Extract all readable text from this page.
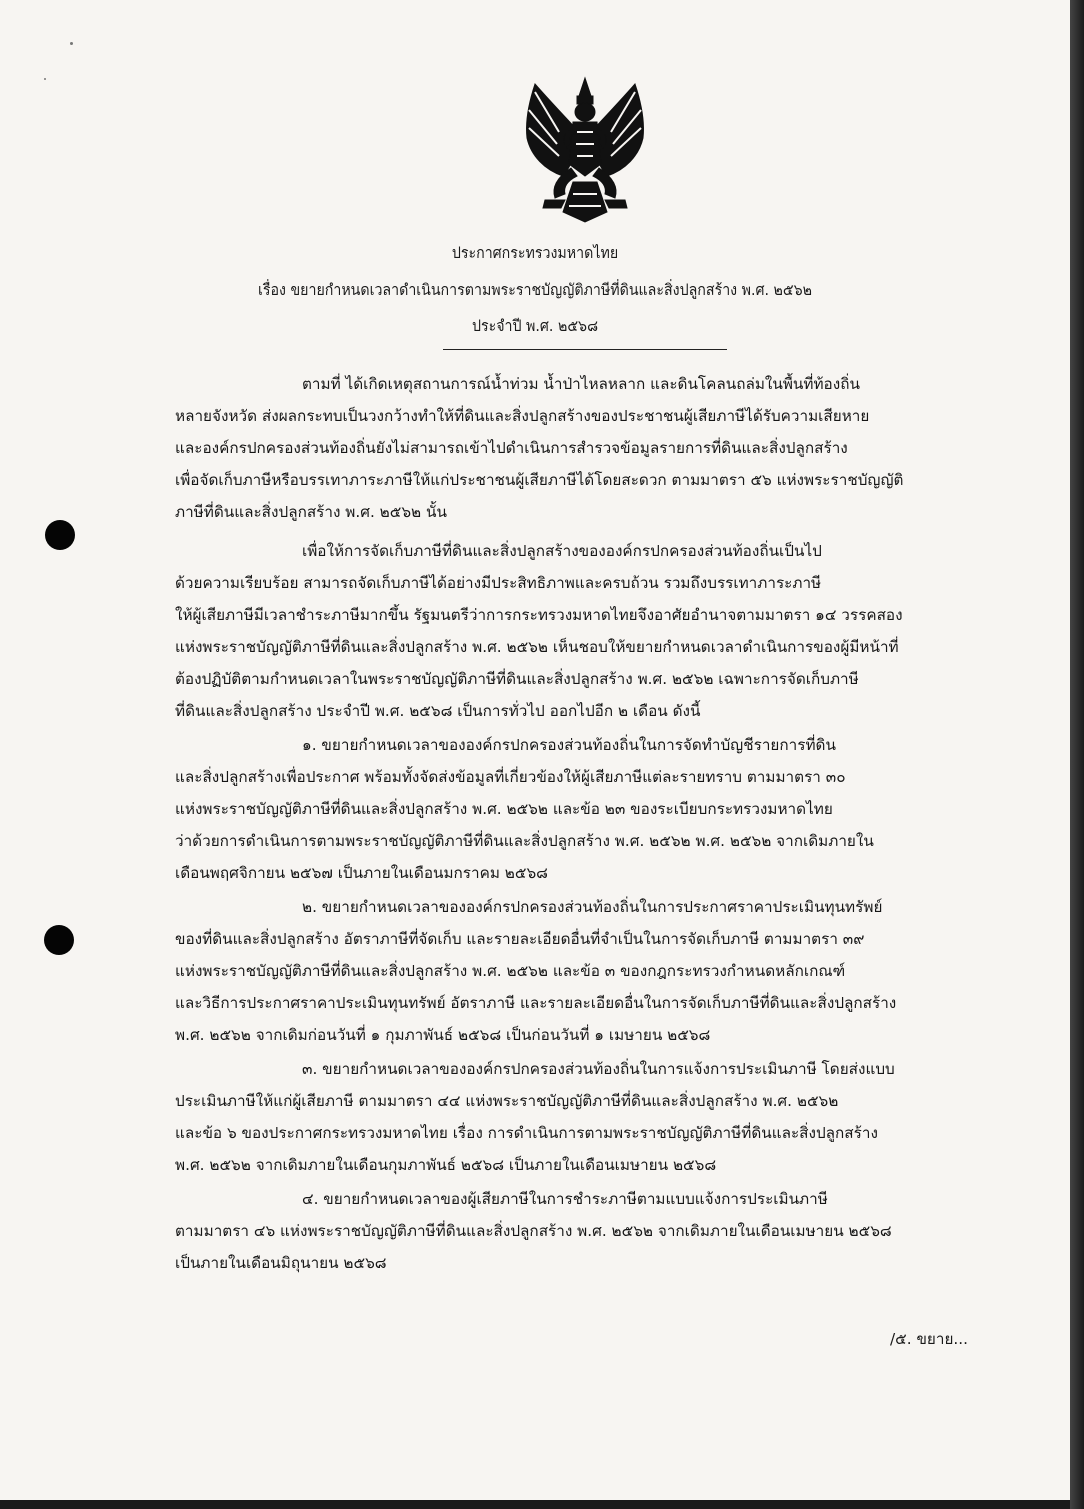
ประกาศกระทรวงมหาดไทย
เรื่อง ขยายกำหนดเวลาดำเนินการตามพระราชบัญญัติภาษีที่ดินและสิ่งปลูกสร้าง พ.ศ. ๒๕๖๒
ประจำปี พ.ศ. ๒๕๖๘
ตามที่ ได้เกิดเหตุสถานการณ์น้ำท่วม น้ำป่าไหลหลาก และดินโคลนถล่มในพื้นที่ท้องถิ่น
หลายจังหวัด ส่งผลกระทบเป็นวงกว้างทำให้ที่ดินและสิ่งปลูกสร้างของประชาชนผู้เสียภาษีได้รับความเสียหาย
และองค์กรปกครองส่วนท้องถิ่นยังไม่สามารถเข้าไปดำเนินการสำรวจข้อมูลรายการที่ดินและสิ่งปลูกสร้าง
เพื่อจัดเก็บภาษีหรือบรรเทาภาระภาษีให้แก่ประชาชนผู้เสียภาษีได้โดยสะดวก ตามมาตรา ๕๖ แห่งพระราชบัญญัติ
ภาษีที่ดินและสิ่งปลูกสร้าง พ.ศ. ๒๕๖๒ นั้น
เพื่อให้การจัดเก็บภาษีที่ดินและสิ่งปลูกสร้างขององค์กรปกครองส่วนท้องถิ่นเป็นไป
ด้วยความเรียบร้อย สามารถจัดเก็บภาษีได้อย่างมีประสิทธิภาพและครบถ้วน รวมถึงบรรเทาภาระภาษี
ให้ผู้เสียภาษีมีเวลาชำระภาษีมากขึ้น รัฐมนตรีว่าการกระทรวงมหาดไทยจึงอาศัยอำนาจตามมาตรา ๑๔ วรรคสอง
แห่งพระราชบัญญัติภาษีที่ดินและสิ่งปลูกสร้าง พ.ศ. ๒๕๖๒ เห็นชอบให้ขยายกำหนดเวลาดำเนินการของผู้มีหน้าที่
ต้องปฏิบัติตามกำหนดเวลาในพระราชบัญญัติภาษีที่ดินและสิ่งปลูกสร้าง พ.ศ. ๒๕๖๒ เฉพาะการจัดเก็บภาษี
ที่ดินและสิ่งปลูกสร้าง ประจำปี พ.ศ. ๒๕๖๘ เป็นการทั่วไป ออกไปอีก ๒ เดือน ดังนี้
๑. ขยายกำหนดเวลาขององค์กรปกครองส่วนท้องถิ่นในการจัดทำบัญชีรายการที่ดิน
และสิ่งปลูกสร้างเพื่อประกาศ พร้อมทั้งจัดส่งข้อมูลที่เกี่ยวข้องให้ผู้เสียภาษีแต่ละรายทราบ ตามมาตรา ๓๐
แห่งพระราชบัญญัติภาษีที่ดินและสิ่งปลูกสร้าง พ.ศ. ๒๕๖๒ และข้อ ๒๓ ของระเบียบกระทรวงมหาดไทย
ว่าด้วยการดำเนินการตามพระราชบัญญัติภาษีที่ดินและสิ่งปลูกสร้าง พ.ศ. ๒๕๖๒ พ.ศ. ๒๕๖๒ จากเดิมภายใน
เดือนพฤศจิกายน ๒๕๖๗ เป็นภายในเดือนมกราคม ๒๕๖๘
๒. ขยายกำหนดเวลาขององค์กรปกครองส่วนท้องถิ่นในการประกาศราคาประเมินทุนทรัพย์
ของที่ดินและสิ่งปลูกสร้าง อัตราภาษีที่จัดเก็บ และรายละเอียดอื่นที่จำเป็นในการจัดเก็บภาษี ตามมาตรา ๓๙
แห่งพระราชบัญญัติภาษีที่ดินและสิ่งปลูกสร้าง พ.ศ. ๒๕๖๒ และข้อ ๓ ของกฎกระทรวงกำหนดหลักเกณฑ์
และวิธีการประกาศราคาประเมินทุนทรัพย์ อัตราภาษี และรายละเอียดอื่นในการจัดเก็บภาษีที่ดินและสิ่งปลูกสร้าง
พ.ศ. ๒๕๖๒ จากเดิมก่อนวันที่ ๑ กุมภาพันธ์ ๒๕๖๘ เป็นก่อนวันที่ ๑ เมษายน ๒๕๖๘
๓. ขยายกำหนดเวลาขององค์กรปกครองส่วนท้องถิ่นในการแจ้งการประเมินภาษี โดยส่งแบบ
ประเมินภาษีให้แก่ผู้เสียภาษี ตามมาตรา ๔๔ แห่งพระราชบัญญัติภาษีที่ดินและสิ่งปลูกสร้าง พ.ศ. ๒๕๖๒
และข้อ ๖ ของประกาศกระทรวงมหาดไทย เรื่อง การดำเนินการตามพระราชบัญญัติภาษีที่ดินและสิ่งปลูกสร้าง
พ.ศ. ๒๕๖๒ จากเดิมภายในเดือนกุมภาพันธ์ ๒๕๖๘ เป็นภายในเดือนเมษายน ๒๕๖๘
๔. ขยายกำหนดเวลาของผู้เสียภาษีในการชำระภาษีตามแบบแจ้งการประเมินภาษี
ตามมาตรา ๔๖ แห่งพระราชบัญญัติภาษีที่ดินและสิ่งปลูกสร้าง พ.ศ. ๒๕๖๒ จากเดิมภายในเดือนเมษายน ๒๕๖๘
เป็นภายในเดือนมิถุนายน ๒๕๖๘
/๕. ขยาย...
